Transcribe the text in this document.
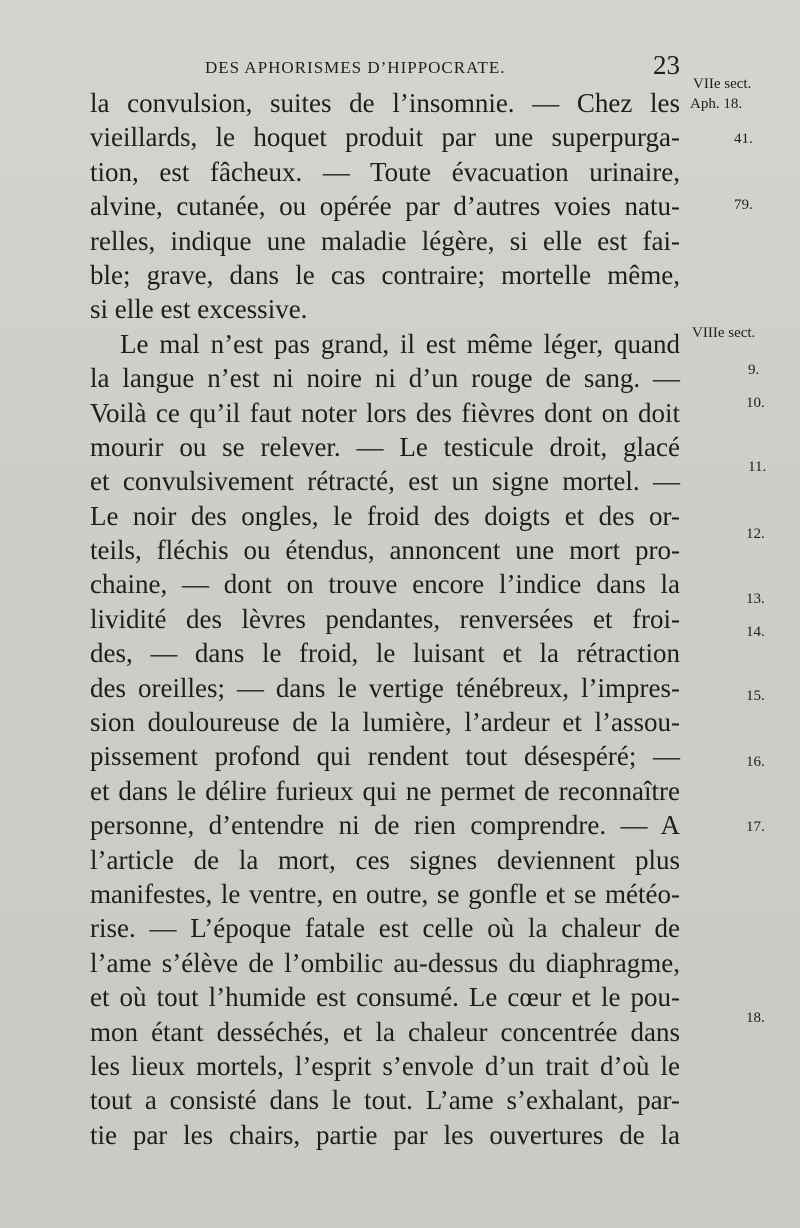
DES APHORISMES D’HIPPOCRATE.	23
la convulsion, suites de l’insomnie. — Chez les
vieillards, le hoquet produit par une superpurga-
tion, est fâcheux. — Toute évacuation urinaire,
alvine, cutanée, ou opérée par d’autres voies natu-
relles, indique une maladie légère, si elle est fai-
ble; grave, dans le cas contraire; mortelle même,
si elle est excessive.
Le mal n’est pas grand, il est même léger, quand
la langue n’est ni noire ni d’un rouge de sang. —
Voilà ce qu’il faut noter lors des fièvres dont on doit
mourir ou se relever. — Le testicule droit, glacé
et convulsivement rétracté, est un signe mortel. —
Le noir des ongles, le froid des doigts et des or-
teils, fléchis ou étendus, annoncent une mort pro-
chaine, — dont on trouve encore l’indice dans la
lividité des lèvres pendantes, renversées et froi-
des, — dans le froid, le luisant et la rétraction
des oreilles; — dans le vertige ténébreux, l’impres-
sion douloureuse de la lumière, l’ardeur et l’assou-
pissement profond qui rendent tout désespéré; —
et dans le délire furieux qui ne permet de reconnaître
personne, d’entendre ni de rien comprendre. — A
l’article de la mort, ces signes deviennent plus
manifestes, le ventre, en outre, se gonfle et se météo-
rise. — L’époque fatale est celle où la chaleur de
l’ame s’élève de l’ombilic au-dessus du diaphragme,
et où tout l’humide est consumé. Le cœur et le pou-
mon étant desséchés, et la chaleur concentrée dans
les lieux mortels, l’esprit s’envole d’un trait d’où le
tout a consisté dans le tout. L’ame s’exhalant, par-
tie par les chairs, partie par les ouvertures de la
VIIe sect.
Aph. 18.
41.
79.
VIIIe sect.
9.
10.
11.
12.
13.
14.
15.
16.
17.
18.
